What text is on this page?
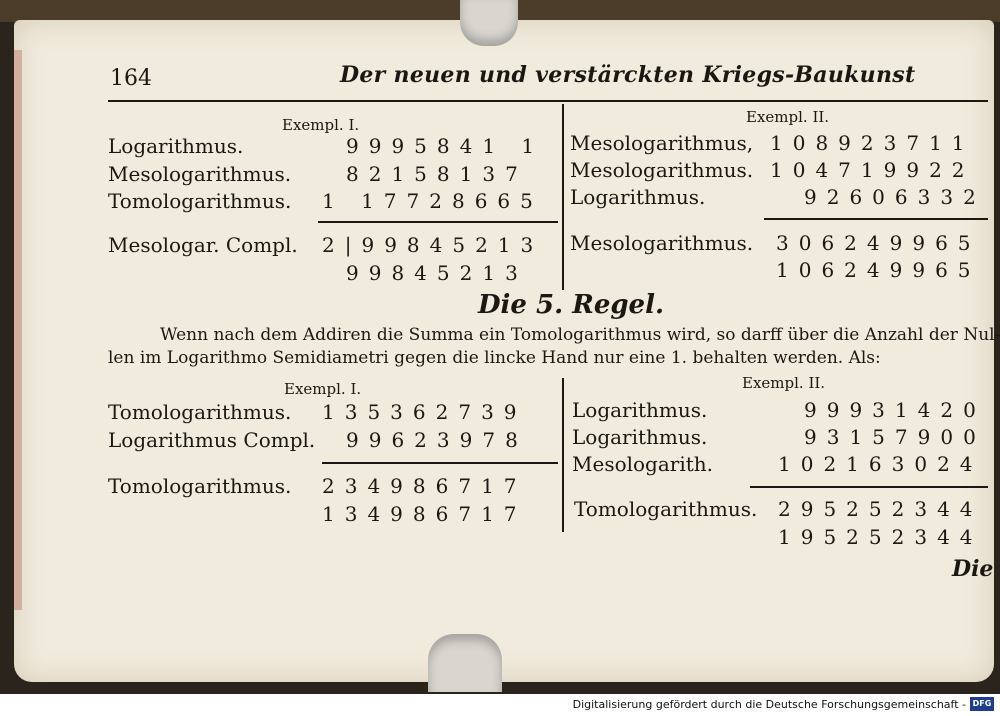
164	Der neuen und verstärckten Kriegs-Baukunst
Exempl. I.
Logarithmus.	9995841 1
Mesologarithmus.	82158137
Tomologarithmus. 1 17728665
Mesologar. Compl. 2|99845213
99845213
Exempl. II.
Mesologarithmus, 108923711
Mesologarithmus. 104719922
Logarithmus.	92606332
Mesologarithmus. 306249965
106249965
Die 5. Regel.
Wenn nach dem Addiren die Summa ein Tomologarithmus wird, so darff über die Anzahl der Nul-
len im Logarithmo Semidiametri gegen die lincke Hand nur eine 1. behalten werden. Als:
Exempl. I.
Tomologarithmus. 135362739
Logarithmus Compl. 99623978
Tomologarithmus. 234986717
134986717
Exempl. II.
Logarithmus.	99931420
Logarithmus.	93157900
Mesologarith.	102163024
Tomologarithmus. 295252344
195252344
Die
Digitalisierung gefördert durch die Deutsche Forschungsgemeinschaft - DFG
